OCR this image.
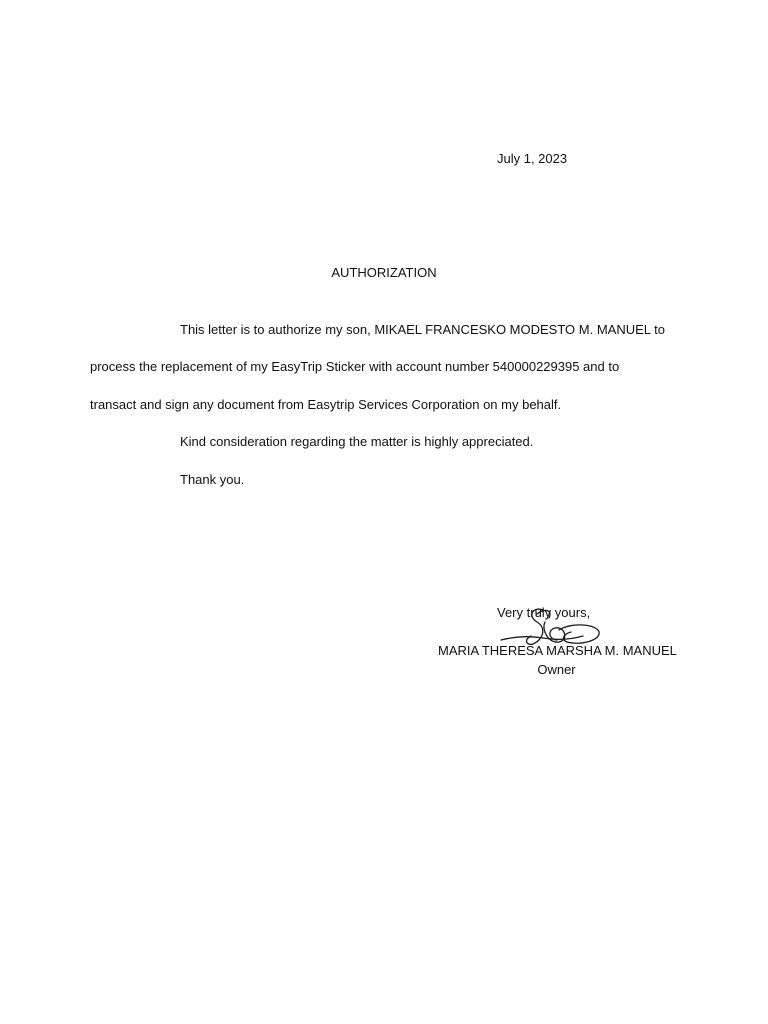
July 1, 2023
AUTHORIZATION
This letter is to authorize my son, MIKAEL FRANCESKO MODESTO M. MANUEL to
process the replacement of my EasyTrip Sticker with account number 540000229395 and to
transact and sign any document from Easytrip Services Corporation on my behalf.
Kind consideration regarding the matter is highly appreciated.
Thank you.
Very truly yours,
MARIA THERESA MARSHA M. MANUEL
Owner
